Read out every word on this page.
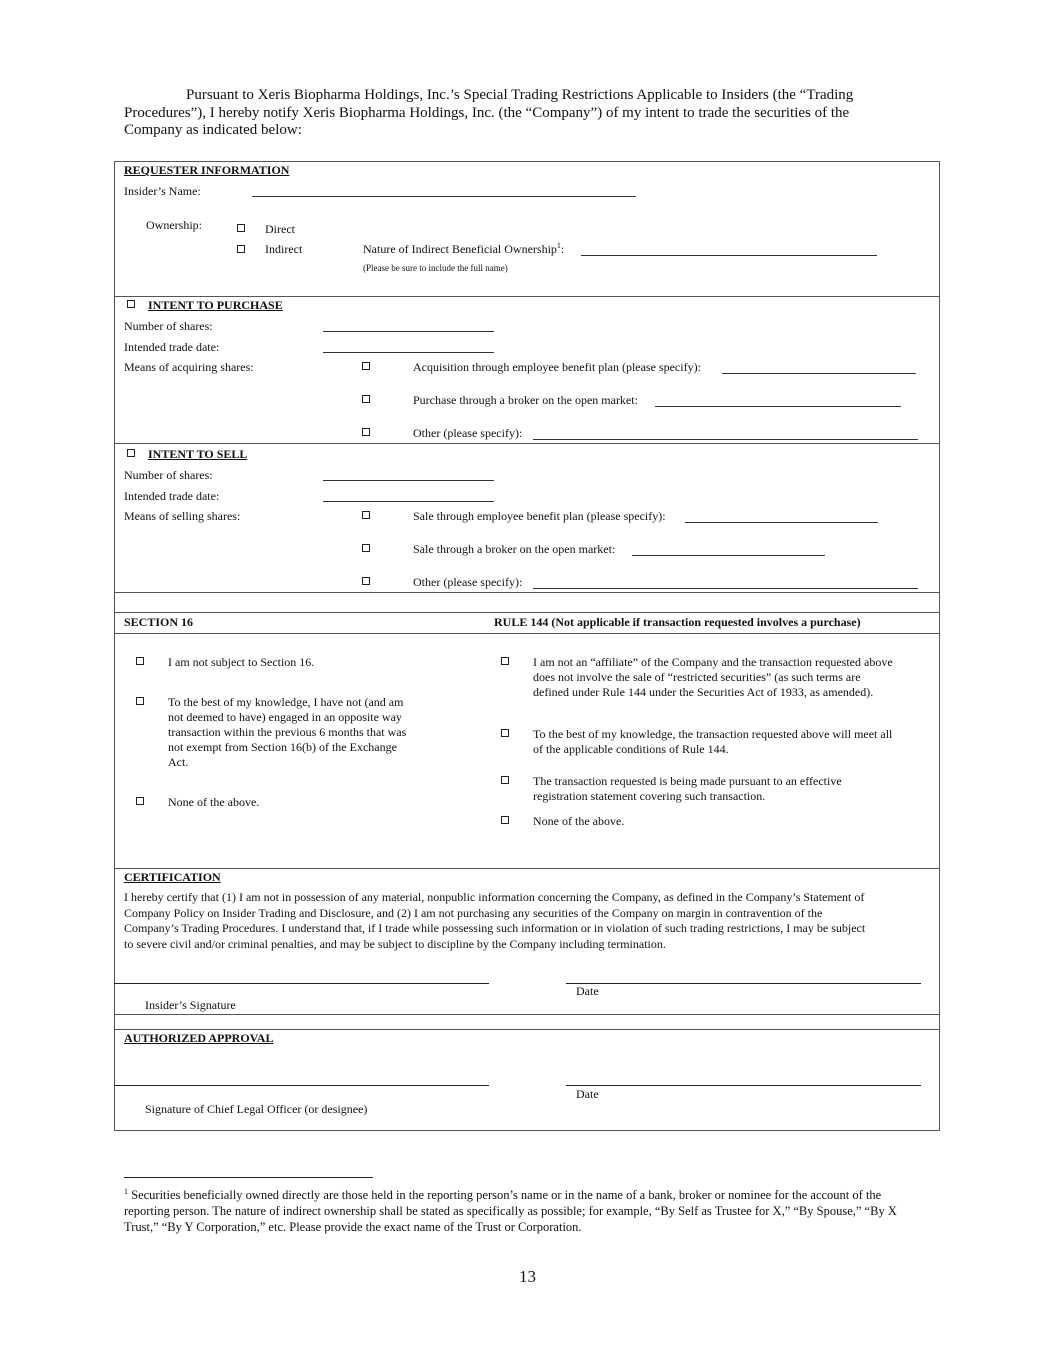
Pursuant to Xeris Biopharma Holdings, Inc.’s Special Trading Restrictions Applicable to Insiders (the “Trading Procedures”), I hereby notify Xeris Biopharma Holdings, Inc. (the “Company”) of my intent to trade the securities of the Company as indicated below:
REQUESTER INFORMATION
Insider’s Name:
Ownership:	Direct
Indirect	Nature of Indirect Beneficial Ownership$^1$:
(Please be sure to include the full name)
INTENT TO PURCHASE
Number of shares:
Intended trade date:
Means of acquiring shares:	Acquisition through employee benefit plan (please specify):
Purchase through a broker on the open market:
Other (please specify):
INTENT TO SELL
Number of shares:
Intended trade date:
Means of selling shares:	Sale through employee benefit plan (please specify):
Sale through a broker on the open market:
Other (please specify):
SECTION 16	RULE 144 (Not applicable if transaction requested involves a purchase)
I am not subject to Section 16.
To the best of my knowledge, I have not (and am
not deemed to have) engaged in an opposite way
transaction within the previous 6 months that was
not exempt from Section 16(b) of the Exchange
Act.
None of the above.
I am not an “affiliate” of the Company and the transaction requested above
does not involve the sale of “restricted securities” (as such terms are
defined under Rule 144 under the Securities Act of 1933, as amended).
To the best of my knowledge, the transaction requested above will meet all
of the applicable conditions of Rule 144.
The transaction requested is being made pursuant to an effective
registration statement covering such transaction.
None of the above.
CERTIFICATION
I hereby certify that (1) I am not in possession of any material, nonpublic information concerning the Company, as defined in the Company’s Statement of
Company Policy on Insider Trading and Disclosure, and (2) I am not purchasing any securities of the Company on margin in contravention of the
Company’s Trading Procedures. I understand that, if I trade while possessing such information or in violation of such trading restrictions, I may be subject
to severe civil and/or criminal penalties, and may be subject to discipline by the Company including termination.
Date
Insider’s Signature
AUTHORIZED APPROVAL
Date
Signature of Chief Legal Officer (or designee)
$^1$ Securities beneficially owned directly are those held in the reporting person’s name or in the name of a bank, broker or nominee for the account of the reporting person. The nature of indirect ownership shall be stated as specifically as possible; for example, “By Self as Trustee for X,” “By Spouse,” “By X Trust,” “By Y Corporation,” etc. Please provide the exact name of the Trust or Corporation.
13
